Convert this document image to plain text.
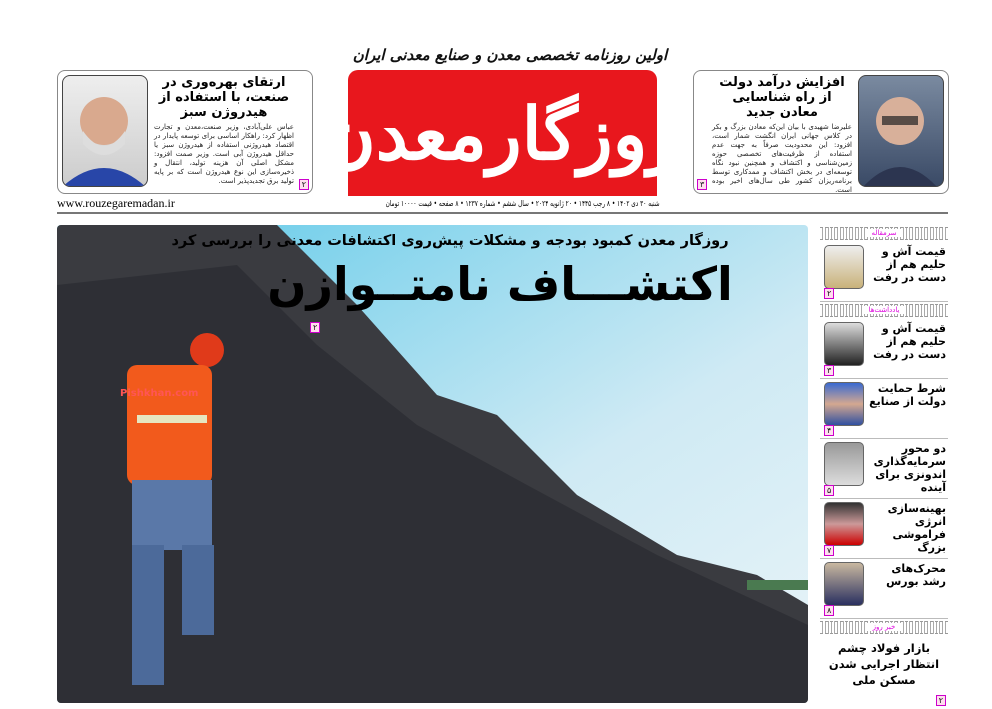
اولین روزنامه تخصصی معدن و صنایع معدنی ایران
روزگارمعدن
افزایش درآمد دولت از راه شناسایی معادن جدید
علیرضا شهیدی با بیان این‌که معادن بزرگ و بکر در کلاس جهانی ایران انگشت شمار است، افزود: این محدودیت صرفاً به جهت عدم استفاده از ظرفیت‌های تخصصی حوزه زمین‌شناسی و اکتشاف و همچنین نبود نگاه توسعه‌ای در بخش اکتشاف و ممدکاری توسط برنامه‌ریزان کشور طی سال‌های اخیر بوده است.
۳
ارتقای بهره‌وری در صنعت، با استفاده از هیدروژن سبز
عباس علی‌آبادی، وزیر صنعت،معدن و تجارت اظهار کرد: راهکار اساسی برای توسعه پایدار در اقتصاد هیدروژنی استفاده از هیدروژن سبز یا حداقل هیدروژن آبی است. وزیر صمت افزود: مشکل اصلی آن هزینه تولید، انتقال و ذخیره‌سازی این نوع هیدروژن است که بر پایه تولید برق تجدیدپذیر است. ۲
www.rouzegaremadan.ir	شنبه ۳۰ دی ۱۴۰۲ • ۸ رجب ۱۴۴۵ • ۲۰ ژانویه ۲۰۲۴ • سال ششم • شماره ۱۲۳۷ • ۸ صفحه • قیمت ۱۰۰۰۰ تومان
روزگار معدن کمبود بودجه و مشکلات پیش‌روی اکتشافات معدنی را بررسی کرد
اکتشـــاف نامتــوازن
۲
Pishkhan.com
سرمقاله
قیمت آش و حلیم هم از دست در رفت
۲
یادداشت‌ها
قیمت آش و حلیم هم از دست در رفت
۳
شرط حمایت دولت از صنایع
۴
دو محور سرمایه‌گذاری اندونزی برای آینده
۵
بهینه‌سازی انرژی فراموشی بزرگ
۷
محرک‌های رشد بورس
۸
خبر روز
بازار فولاد چشم انتظار اجرایی شدن مسکن ملی
۲
